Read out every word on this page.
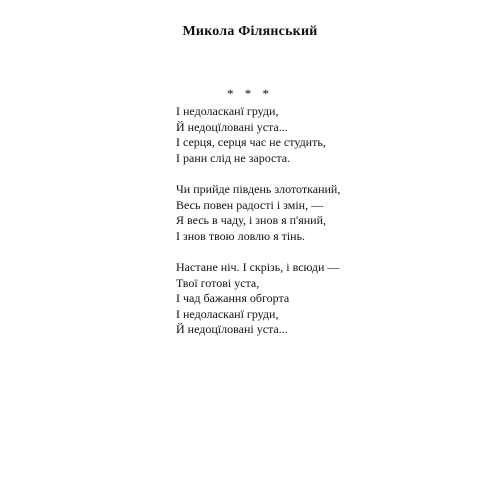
Микола Філянський
* * *
І недоласканї груди,
Й недоцїловані уста...
І серця, серця час не студить,
І рани слід не зароста.
Чи прийде південь злототканий,
Весь повен радості і змін, —
Я весь в чаду, і знов я п'яний,
І знов твою ловлю я тінь.
Настане ніч. І скрізь, і всюди —
Твої готові уста,
І чад бажання обгорта
І недоласканї груди,
Й недоцїловані уста...
